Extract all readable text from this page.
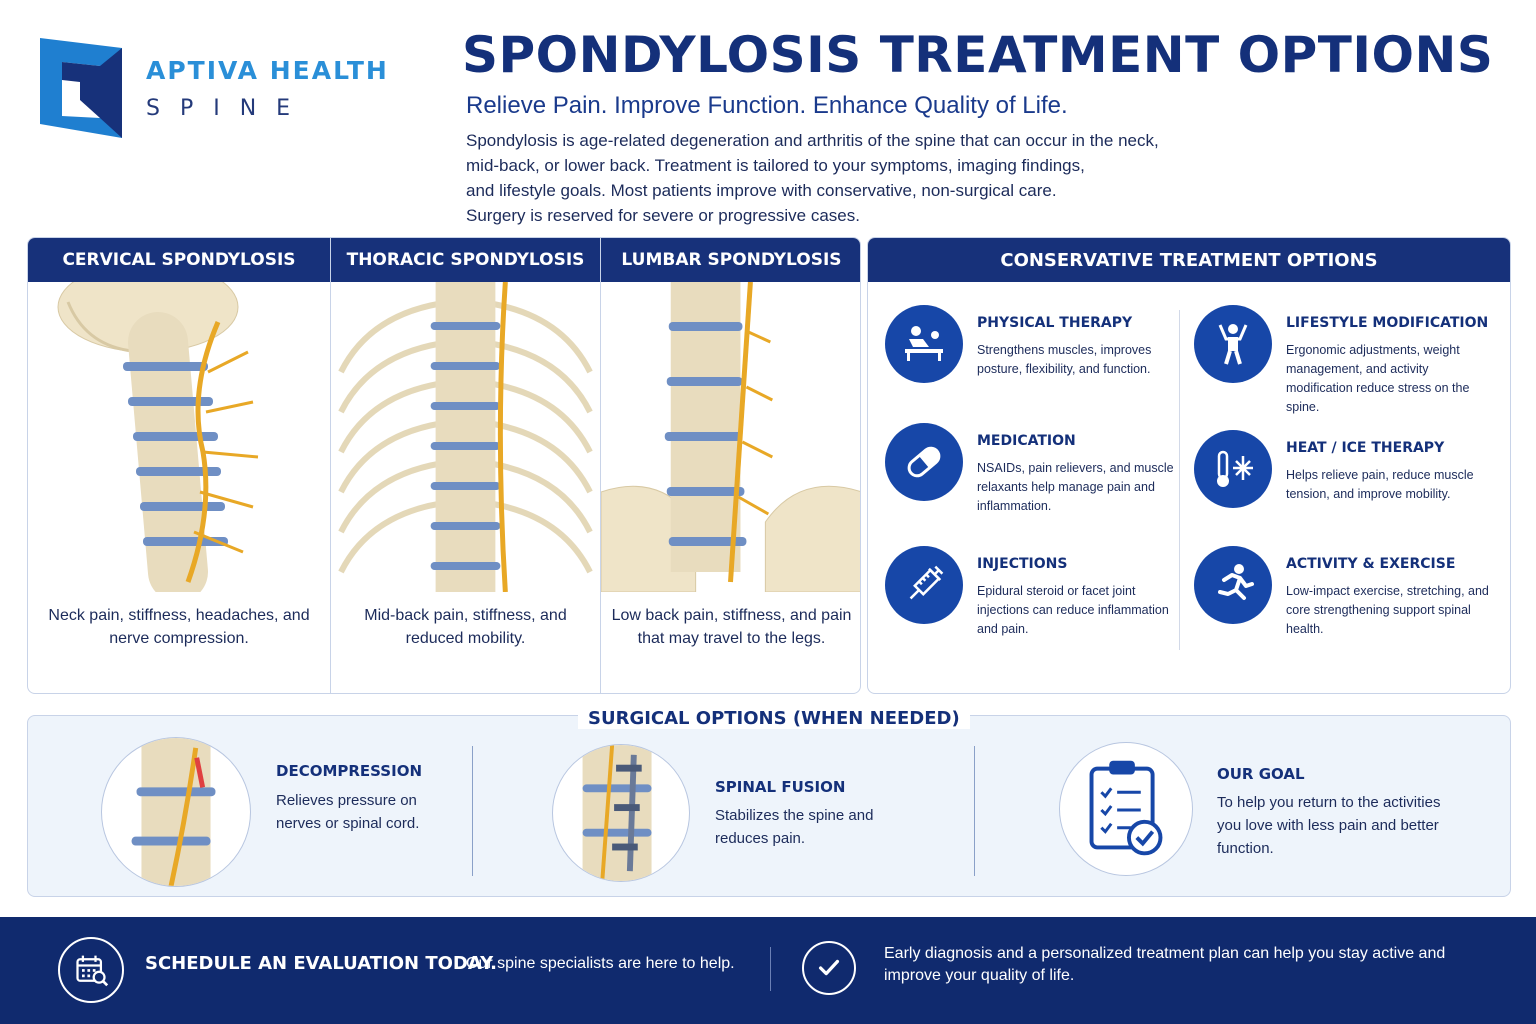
APTIVA HEALTH
SPINE
SPONDYLOSIS TREATMENT OPTIONS
Relieve Pain. Improve Function. Enhance Quality of Life.

Spondylosis is age-related degeneration and arthritis of the spine that can occur in the neck,

mid-back, or lower back. Treatment is tailored to your symptoms, imaging findings,

and lifestyle goals. Most patients improve with conservative, non-surgical care.

Surgery is reserved for severe or progressive cases.

CERVICAL SPONDYLOSIS
Neck pain, stiffness, headaches, and nerve compression.
THORACIC SPONDYLOSIS
Mid-back pain, stiffness, and reduced mobility.
LUMBAR SPONDYLOSIS
Low back pain, stiffness, and pain that may travel to the legs.
CONSERVATIVE TREATMENT OPTIONS
PHYSICAL THERAPY
Strengthens muscles, improves posture, flexibility, and function.
LIFESTYLE MODIFICATION
Ergonomic adjustments, weight management, and activity modification reduce stress on the spine.
MEDICATION
NSAIDs, pain relievers, and muscle relaxants help manage pain and inflammation.
HEAT / ICE THERAPY
Helps relieve pain, reduce muscle tension, and improve mobility.
INJECTIONS
Epidural steroid or facet joint injections can reduce inflammation and pain.
ACTIVITY & EXERCISE
Low-impact exercise, stretching, and core strengthening support spinal health.
SURGICAL OPTIONS (WHEN NEEDED)
DECOMPRESSION
Relieves pressure on nerves or spinal cord.
SPINAL FUSION
Stabilizes the spine and reduces pain.
OUR GOAL
To help you return to the activities you love with less pain and better function.
SCHEDULE AN EVALUATION TODAY.
Our spine specialists are here to help.
Early diagnosis and a personalized treatment plan can help you stay active and improve your quality of life.
